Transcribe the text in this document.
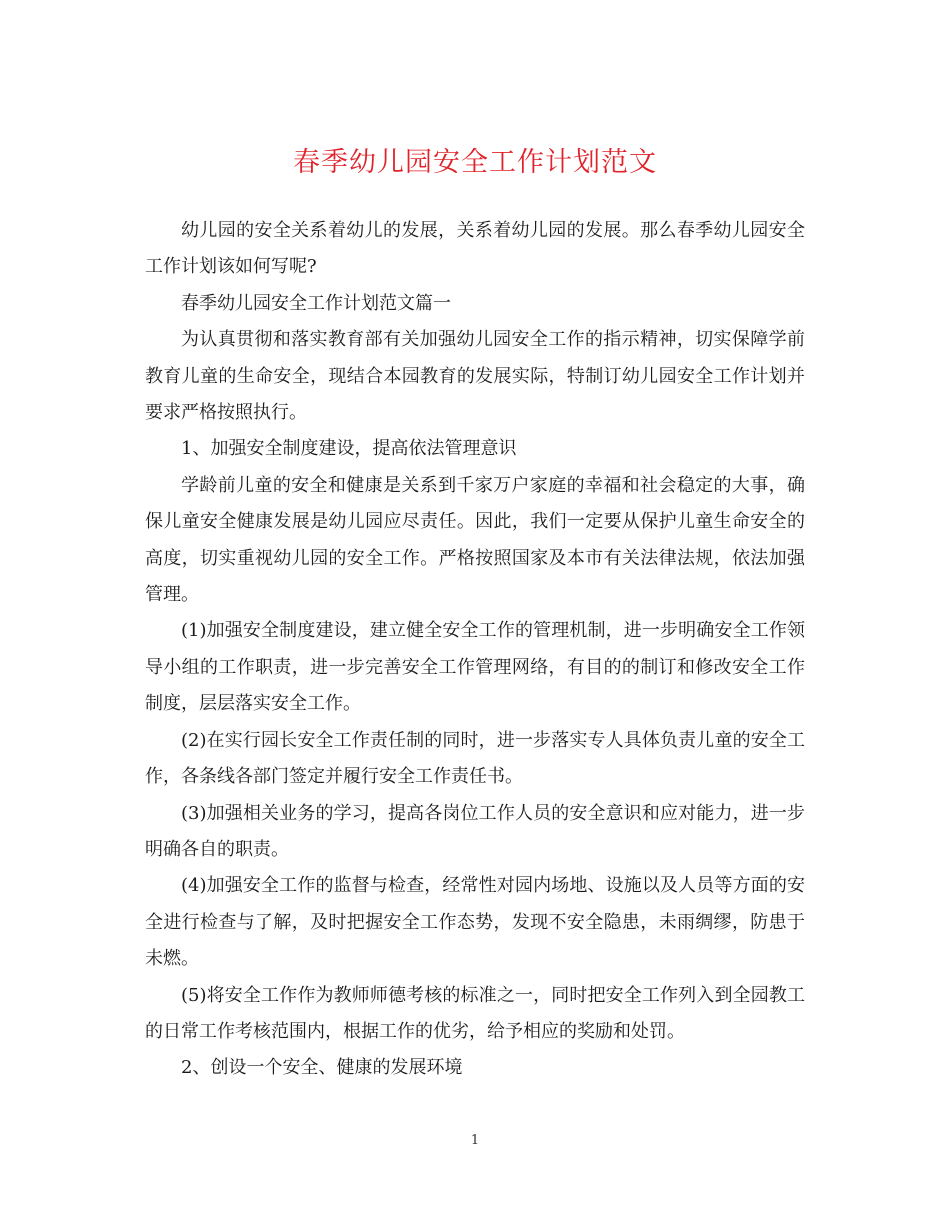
春季幼儿园安全工作计划范文

幼儿园的安全关系着幼儿的发展，关系着幼儿园的发展。那么春季幼儿园安全工作计划该如何写呢?

春季幼儿园安全工作计划范文篇一

为认真贯彻和落实教育部有关加强幼儿园安全工作的指示精神，切实保障学前教育儿童的生命安全，现结合本园教育的发展实际，特制订幼儿园安全工作计划并要求严格按照执行。

1、加强安全制度建设，提高依法管理意识

学龄前儿童的安全和健康是关系到千家万户家庭的幸福和社会稳定的大事，确保儿童安全健康发展是幼儿园应尽责任。因此，我们一定要从保护儿童生命安全的高度，切实重视幼儿园的安全工作。严格按照国家及本市有关法律法规，依法加强管理。

(1)加强安全制度建设，建立健全安全工作的管理机制，进一步明确安全工作领导小组的工作职责，进一步完善安全工作管理网络，有目的的制订和修改安全工作制度，层层落实安全工作。

(2)在实行园长安全工作责任制的同时，进一步落实专人具体负责儿童的安全工作，各条线各部门签定并履行安全工作责任书。

(3)加强相关业务的学习，提高各岗位工作人员的安全意识和应对能力，进一步明确各自的职责。

(4)加强安全工作的监督与检查，经常性对园内场地、设施以及人员等方面的安全进行检查与了解，及时把握安全工作态势，发现不安全隐患，未雨绸缪，防患于未燃。

(5)将安全工作作为教师师德考核的标准之一，同时把安全工作列入到全园教工的日常工作考核范围内，根据工作的优劣，给予相应的奖励和处罚。

2、创设一个安全、健康的发展环境

1
